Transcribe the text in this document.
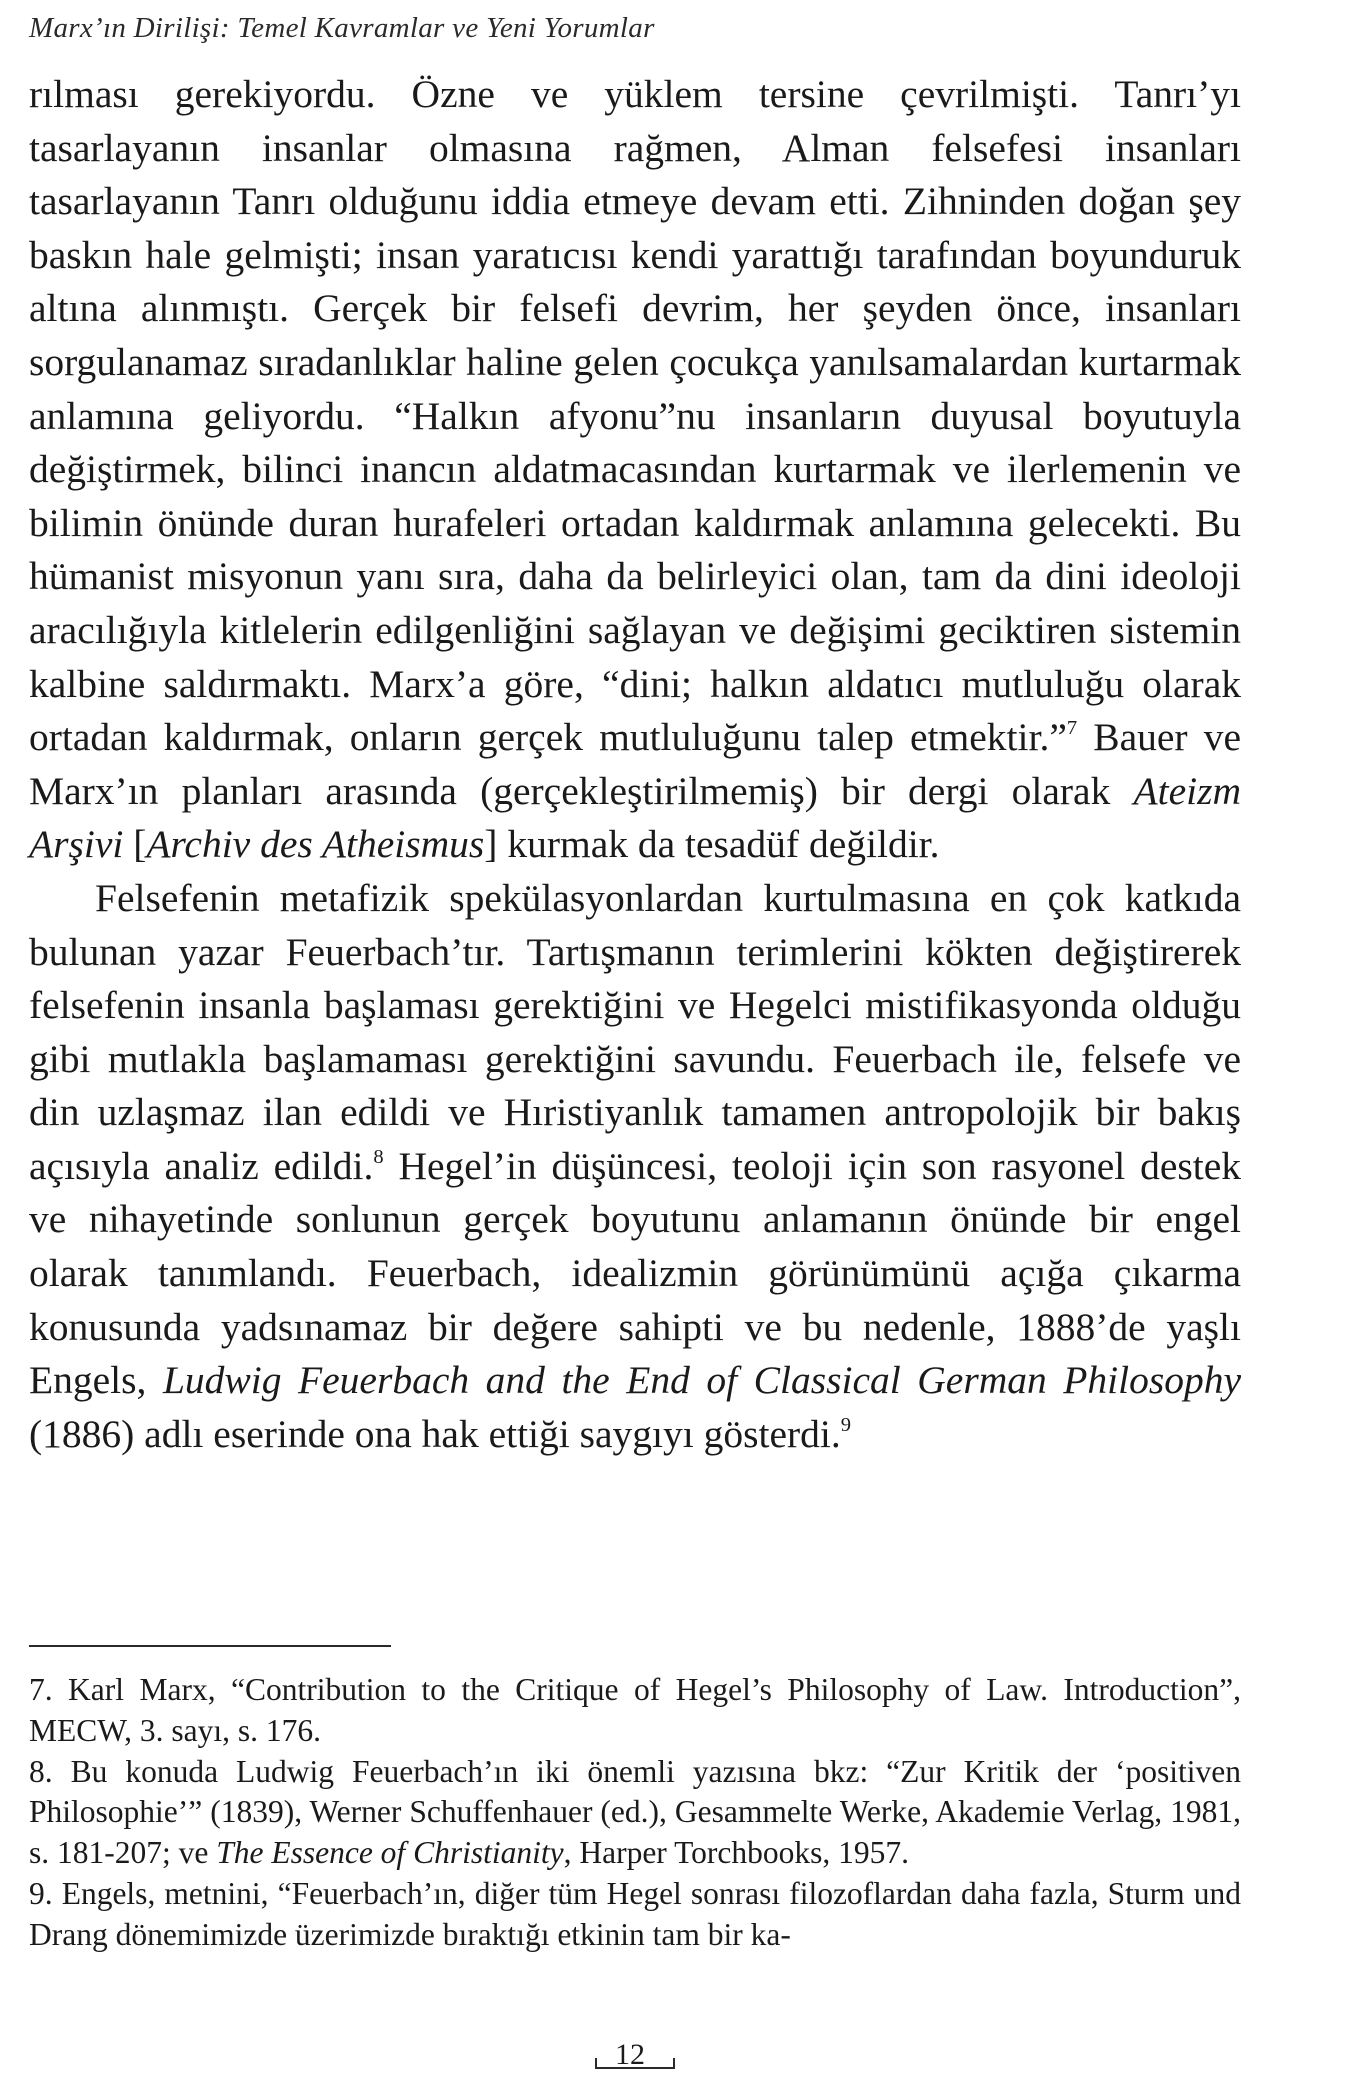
Marx’ın Dirilişi: Temel Kavramlar ve Yeni Yorumlar

rılması gerekiyordu. Özne ve yüklem tersine çevrilmişti. Tanrı’yı tasarlayanın insanlar olmasına rağmen, Alman felsefesi insanları tasarlayanın Tanrı olduğunu iddia etmeye devam etti. Zihninden doğan şey baskın hale gelmişti; insan yaratıcısı kendi yarattığı tarafından boyunduruk altına alınmıştı. Gerçek bir felsefi devrim, her şeyden önce, insanları sorgulanamaz sıradanlıklar haline gelen çocukça yanılsamalardan kurtarmak anlamına geliyordu. “Halkın afyonu”nu insanların duyusal boyutuyla değiştirmek, bilinci inancın aldatmacasından kurtarmak ve ilerlemenin ve bilimin önünde duran hurafeleri ortadan kaldırmak anlamına gelecekti. Bu hümanist misyonun yanı sıra, daha da belirleyici olan, tam da dini ideoloji aracılığıyla kitlelerin edilgenliğini sağlayan ve değişimi geciktiren sistemin kalbine saldırmaktı. Marx’a göre, “dini; halkın aldatıcı mutluluğu olarak ortadan kaldırmak, onların gerçek mutluluğunu talep etmektir.”$^7$ Bauer ve Marx’ın planları arasında (gerçekleştirilmemiş) bir dergi olarak Ateizm Arşivi [Archiv des Atheismus] kurmak da tesadüf değildir.

Felsefenin metafizik spekülasyonlardan kurtulmasına en çok katkıda bulunan yazar Feuerbach’tır. Tartışmanın terimlerini kökten değiştirerek felsefenin insanla başlaması gerektiğini ve Hegelci mistifikasyonda olduğu gibi mutlakla başlamaması gerektiğini savundu. Feuerbach ile, felsefe ve din uzlaşmaz ilan edildi ve Hıristiyanlık tamamen antropolojik bir bakış açısıyla analiz edildi.$^8$ Hegel’in düşüncesi, teoloji için son rasyonel destek ve nihayetinde sonlunun gerçek boyutunu anlamanın önünde bir engel olarak tanımlandı. Feuerbach, idealizmin görünümünü açığa çıkarma konusunda yadsınamaz bir değere sahipti ve bu nedenle, 1888’de yaşlı Engels, Ludwig Feuerbach and the End of Classical German Philosophy (1886) adlı eserinde ona hak ettiği saygıyı gösterdi.$^9$

7. Karl Marx, “Contribution to the Critique of Hegel’s Philosophy of Law. Introduction”, MECW, 3. sayı, s. 176.

8. Bu konuda Ludwig Feuerbach’ın iki önemli yazısına bkz: “Zur Kritik der ‘positiven Philosophie’” (1839), Werner Schuffenhauer (ed.), Gesammelte Werke, Akademie Verlag, 1981, s. 181-207; ve The Essence of Christianity, Harper Torchbooks, 1957.

9. Engels, metnini, “Feuerbach’ın, diğer tüm Hegel sonrası filozoflardan daha fazla, Sturm und Drang dönemimizde üzerimizde bıraktığı etkinin tam bir ka-

12
